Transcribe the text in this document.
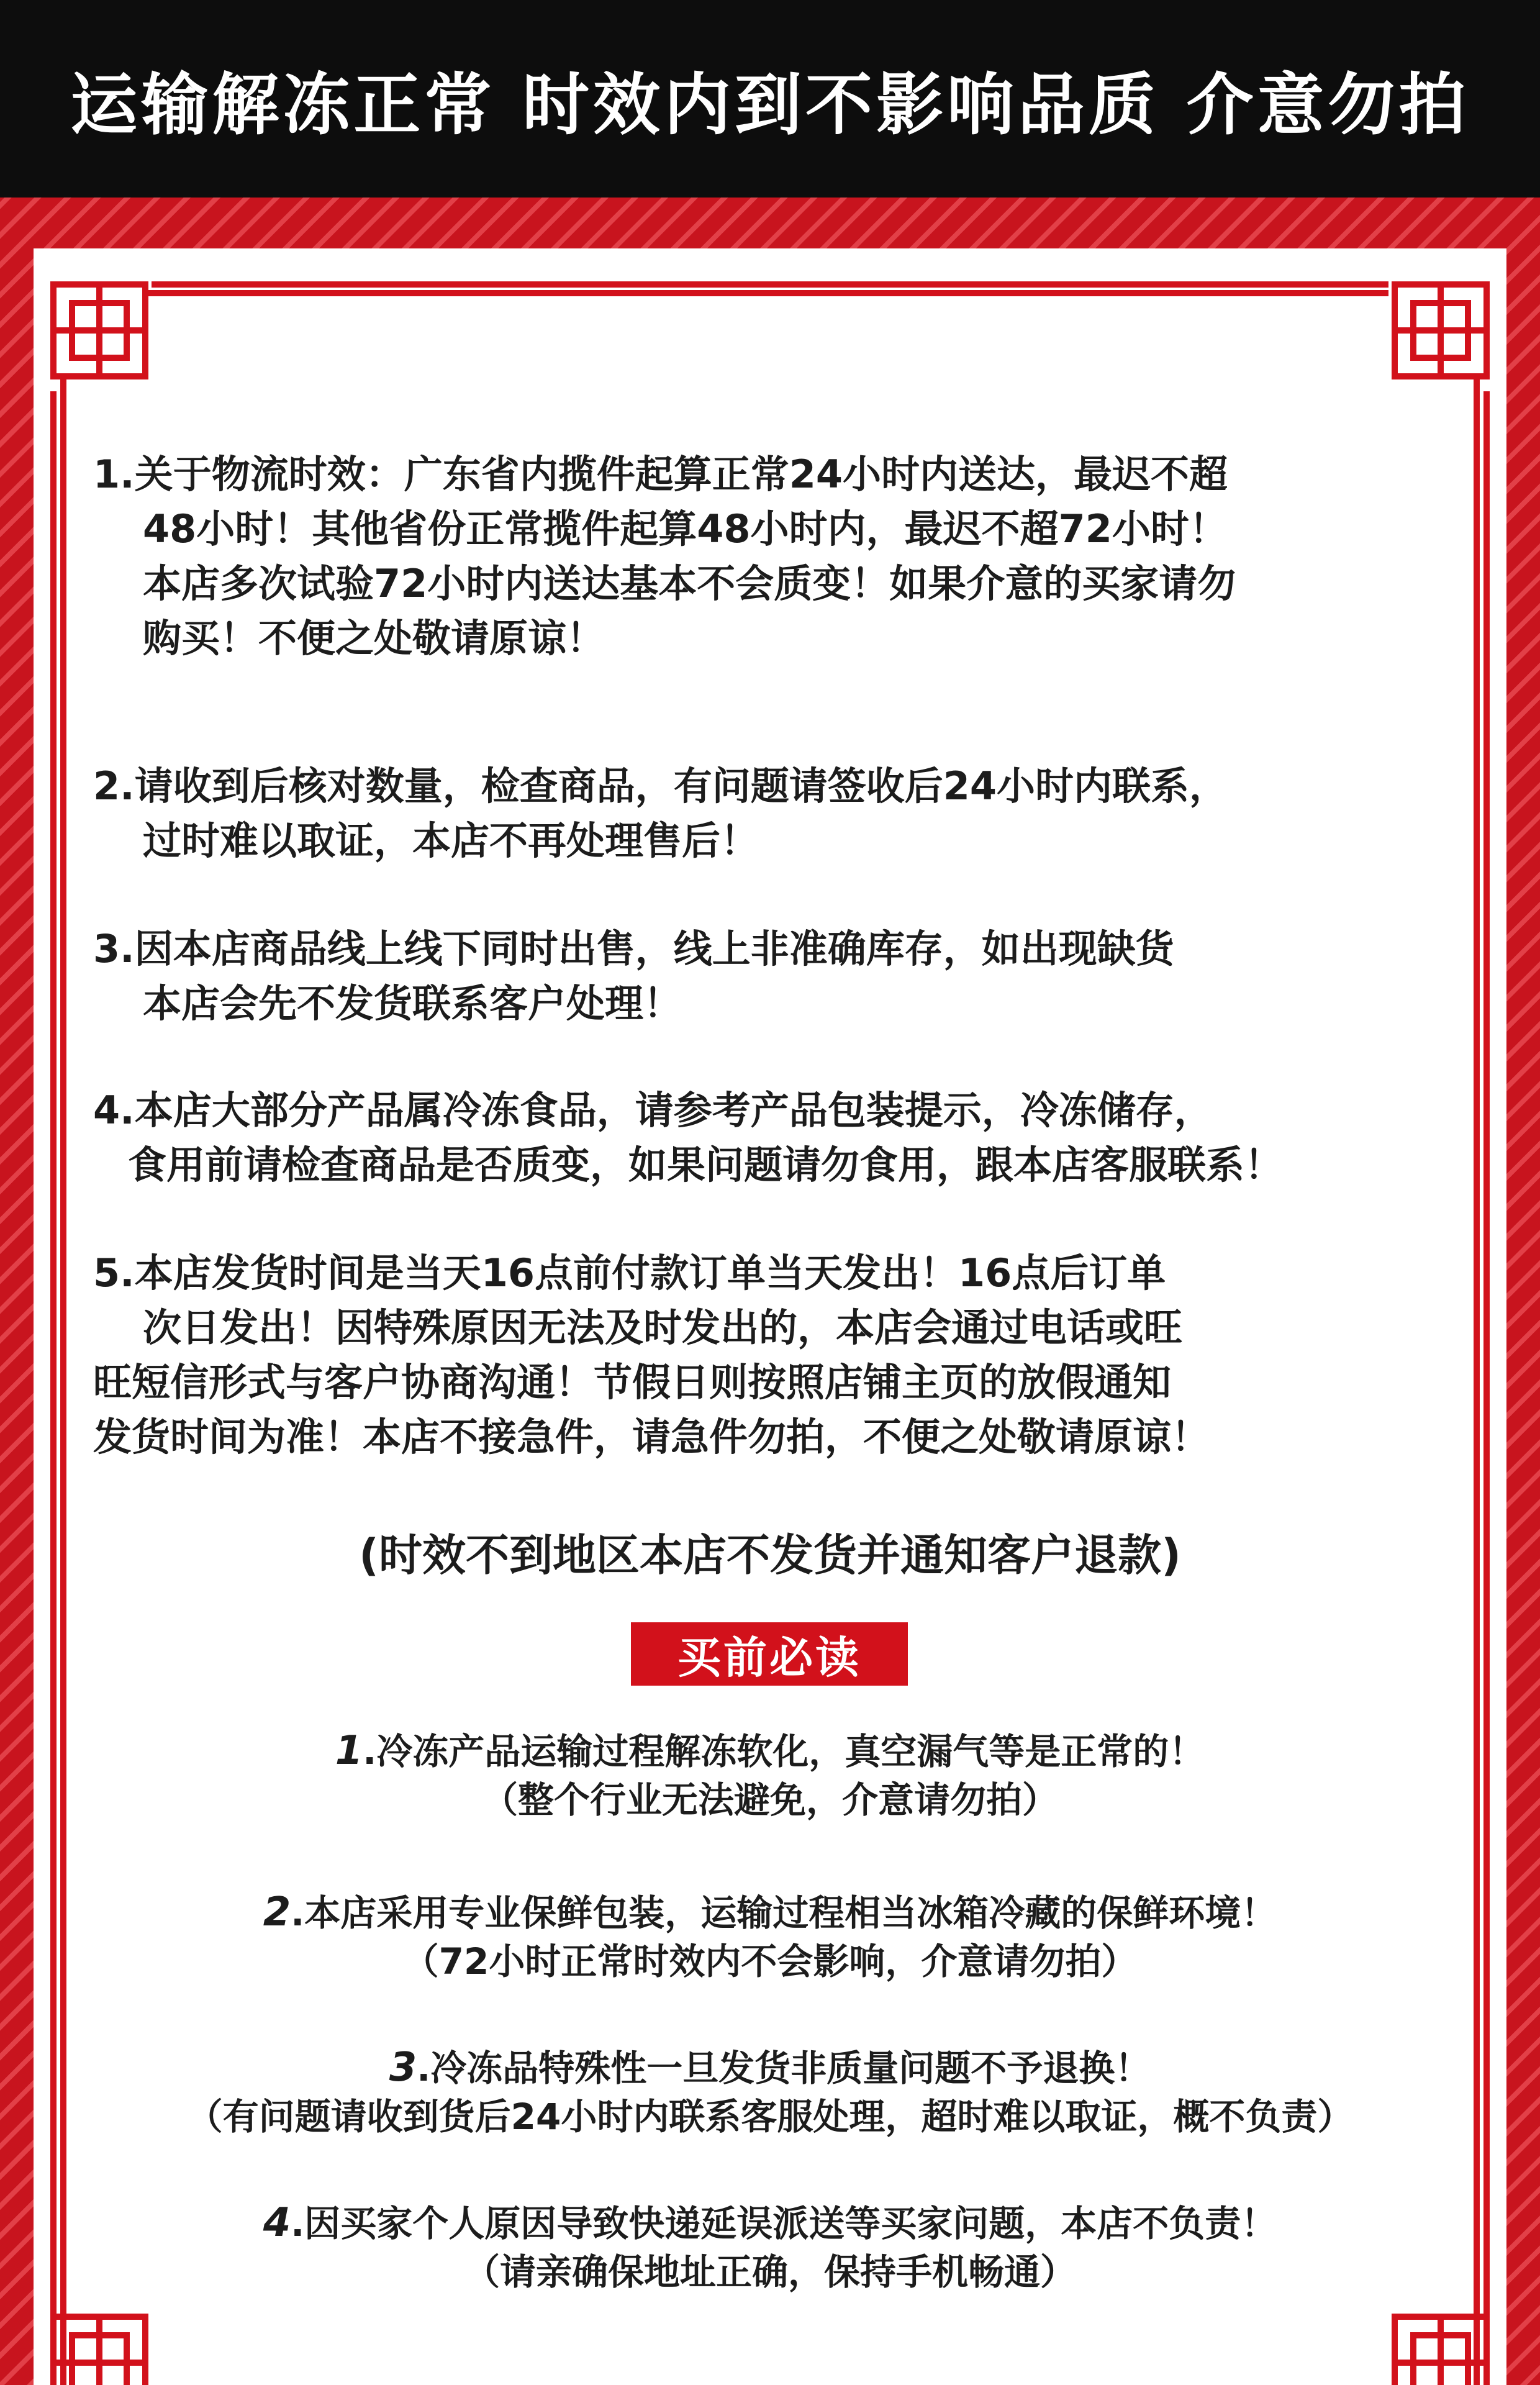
运输解冻正常 时效内到不影响品质 介意勿拍
1.关于物流时效：广东省内揽件起算正常24小时内送达，最迟不超
48小时！其他省份正常揽件起算48小时内，最迟不超72小时！
本店多次试验72小时内送达基本不会质变！如果介意的买家请勿
购买！不便之处敬请原谅！
2.请收到后核对数量，检查商品，有问题请签收后24小时内联系，
过时难以取证，本店不再处理售后！
3.因本店商品线上线下同时出售，线上非准确库存，如出现缺货
本店会先不发货联系客户处理！
4.本店大部分产品属冷冻食品，请参考产品包装提示，冷冻储存，
食用前请检查商品是否质变，如果问题请勿食用，跟本店客服联系！
5.本店发货时间是当天16点前付款订单当天发出！16点后订单
次日发出！因特殊原因无法及时发出的，本店会通过电话或旺
旺短信形式与客户协商沟通！节假日则按照店铺主页的放假通知
发货时间为准！本店不接急件，请急件勿拍，不便之处敬请原谅！
(时效不到地区本店不发货并通知客户退款)
买前必读
1.冷冻产品运输过程解冻软化，真空漏气等是正常的！
（整个行业无法避免，介意请勿拍）
2.本店采用专业保鲜包装，运输过程相当冰箱冷藏的保鲜环境！
（72小时正常时效内不会影响，介意请勿拍）
3.冷冻品特殊性一旦发货非质量问题不予退换！
（有问题请收到货后24小时内联系客服处理，超时难以取证，概不负责）
4.因买家个人原因导致快递延误派送等买家问题，本店不负责！
（请亲确保地址正确，保持手机畅通）
